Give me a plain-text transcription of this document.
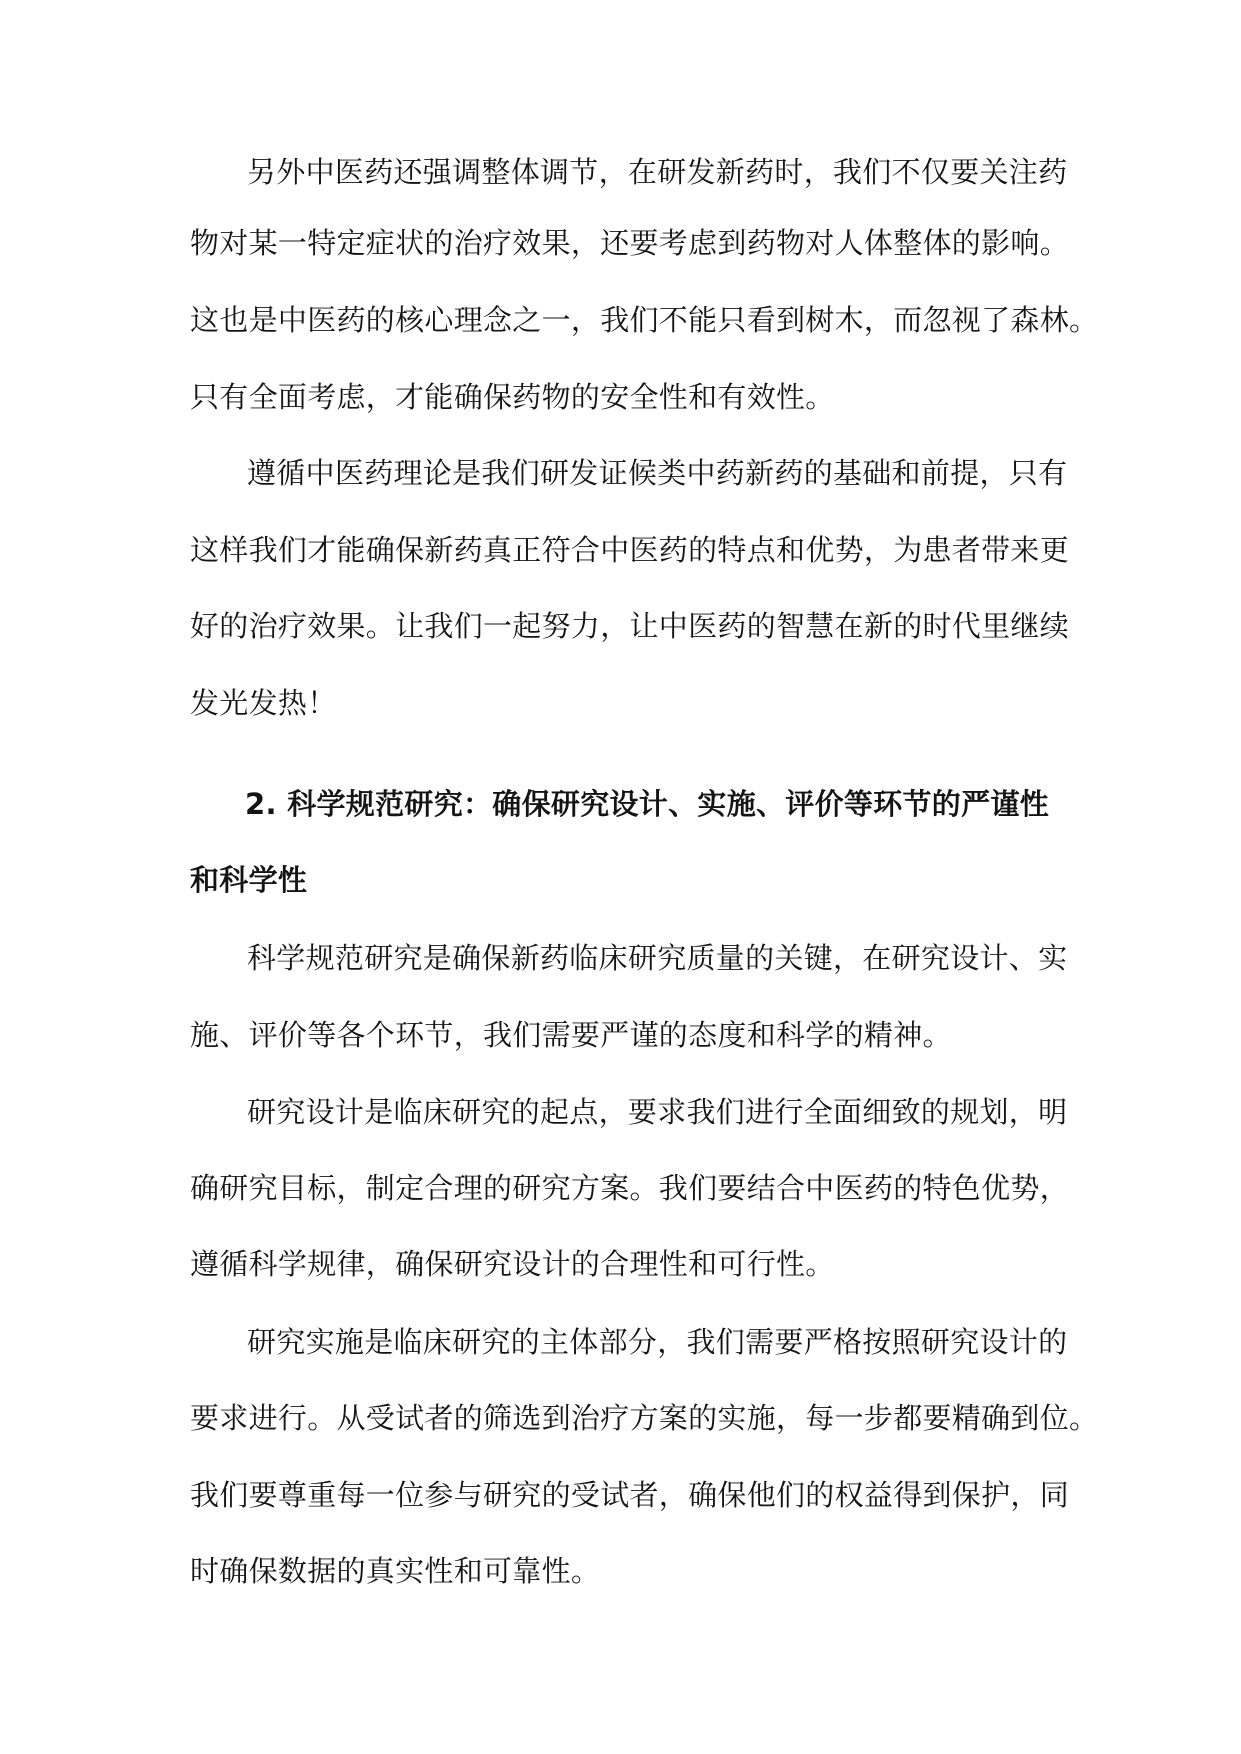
另外中医药还强调整体调节，在研发新药时，我们不仅要关注药
物对某一特定症状的治疗效果，还要考虑到药物对人体整体的影响。
这也是中医药的核心理念之一，我们不能只看到树木，而忽视了森林。
只有全面考虑，才能确保药物的安全性和有效性。
遵循中医药理论是我们研发证候类中药新药的基础和前提，只有
这样我们才能确保新药真正符合中医药的特点和优势，为患者带来更
好的治疗效果。让我们一起努力，让中医药的智慧在新的时代里继续
发光发热！
2. 科学规范研究：确保研究设计、实施、评价等环节的严谨性
和科学性
科学规范研究是确保新药临床研究质量的关键，在研究设计、实
施、评价等各个环节，我们需要严谨的态度和科学的精神。
研究设计是临床研究的起点，要求我们进行全面细致的规划，明
确研究目标，制定合理的研究方案。我们要结合中医药的特色优势，
遵循科学规律，确保研究设计的合理性和可行性。
研究实施是临床研究的主体部分，我们需要严格按照研究设计的
要求进行。从受试者的筛选到治疗方案的实施，每一步都要精确到位。
我们要尊重每一位参与研究的受试者，确保他们的权益得到保护，同
时确保数据的真实性和可靠性。
